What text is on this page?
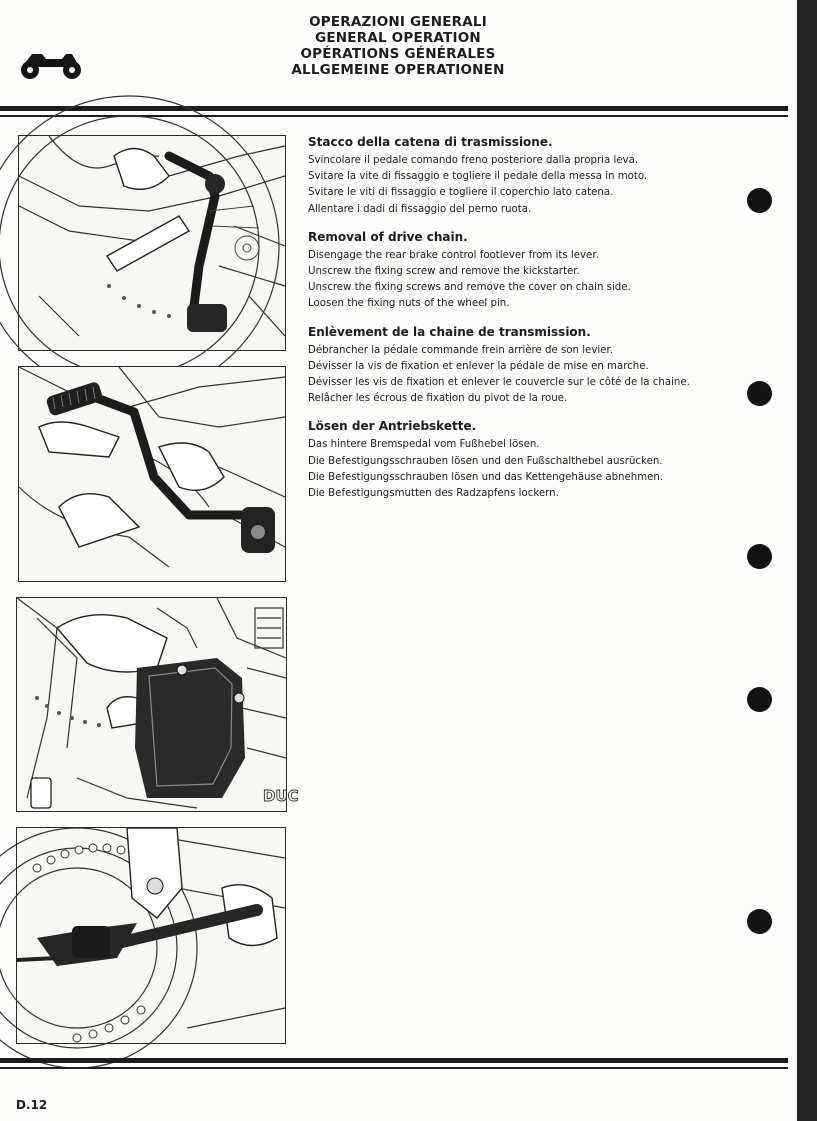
OPERAZIONI GENERALI
GENERAL OPERATION
OPÉRATIONS GÉNÉRALES
ALLGEMEINE OPERATIONEN
DUC
Stacco della catena di trasmissione.

Svincolare il pedale comando freno posteriore dalla propria leva.

Svitare la vite di fissaggio e togliere il pedale della messa in moto.

Svitare le viti di fissaggio e togliere il coperchio lato catena.

Allentare i dadi di fissaggio del perno ruota.

Removal of drive chain.

Disengage the rear brake control footlever from its lever.

Unscrew the fixing screw and remove the kickstarter.

Unscrew the fixing screws and remove the cover on chain side.

Loosen the fixing nuts of the wheel pin.

Enlèvement de la chaine de transmission.

Débrancher la pédale commande frein arrière de son levier.

Dévisser la vis de fixation et enlever la pédale de mise en marche.

Dévisser les vis de fixation et enlever le couvercle sur le côté de la chaine.

Relâcher les écrous de fixation du pivot de la roue.

Lösen der Antriebskette.

Das hintere Bremspedal vom Fußhebel lösen.

Die Befestigungsschrauben lösen und den Fußschalthebel ausrücken.

Die Befestigungsschrauben lösen und das Kettengehäuse abnehmen.

Die Befestigungsmutten des Radzapfens lockern.

D.12
